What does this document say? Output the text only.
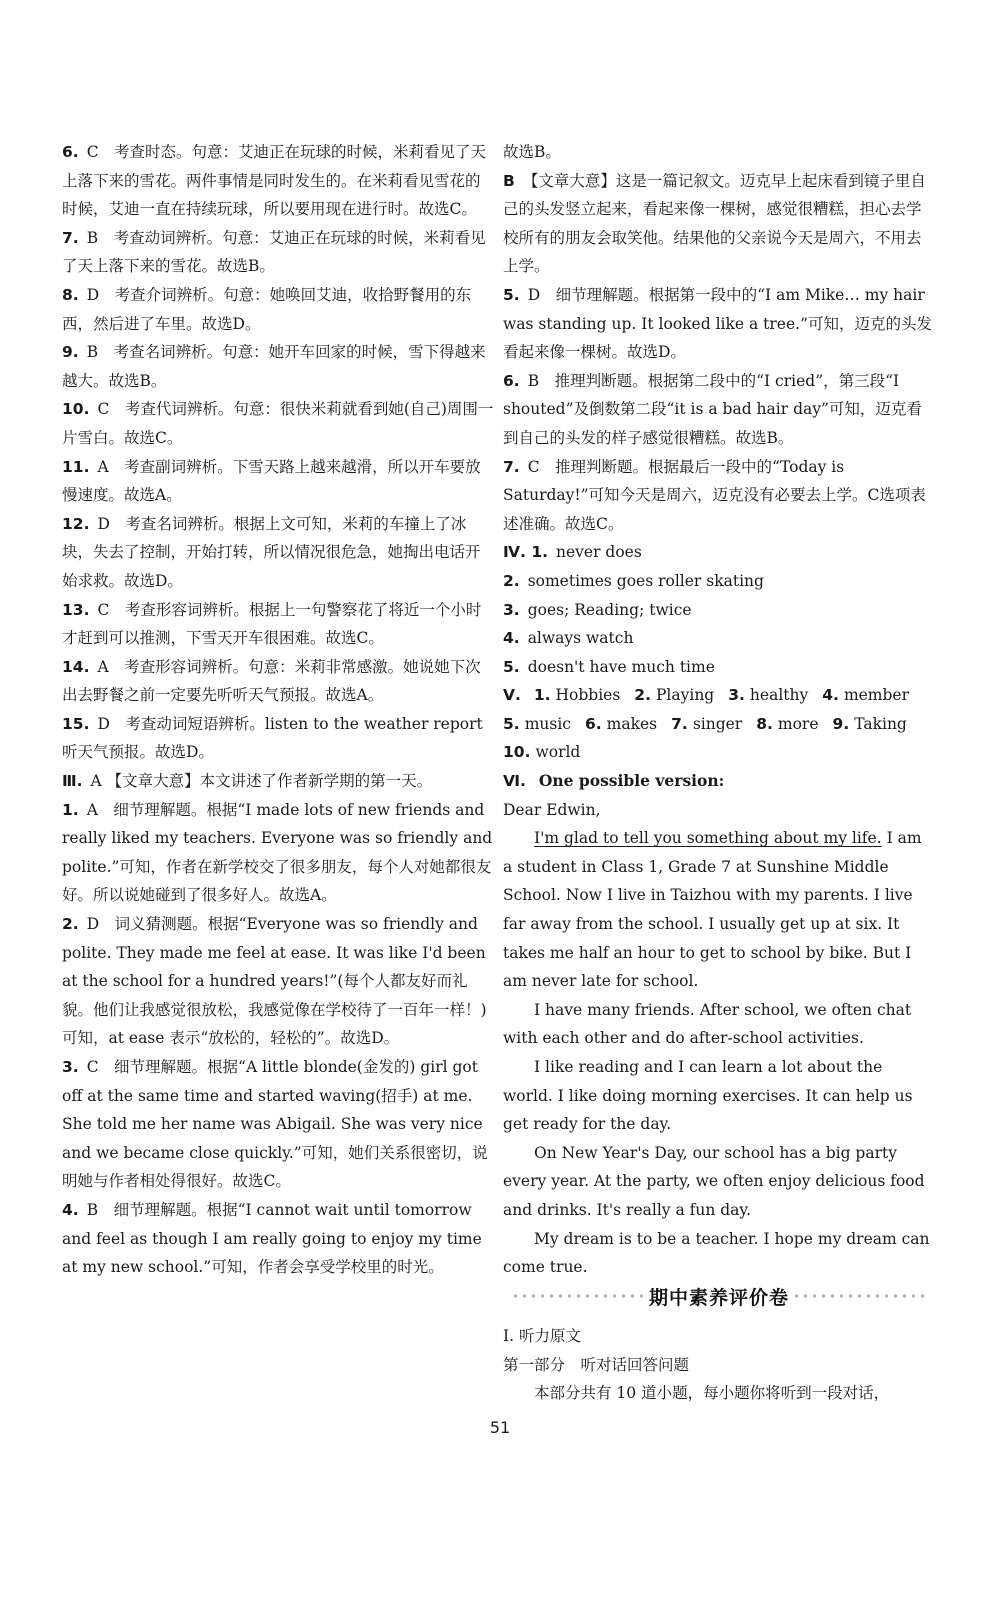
6. C　考查时态。句意：艾迪正在玩球的时候，米莉看见了天上落下来的雪花。两件事情是同时发生的。在米莉看见雪花的时候，艾迪一直在持续玩球，所以要用现在进行时。故选C。

7. B　考查动词辨析。句意：艾迪正在玩球的时候，米莉看见了天上落下来的雪花。故选B。

8. D　考查介词辨析。句意：她唤回艾迪，收拾野餐用的东西，然后进了车里。故选D。

9. B　考查名词辨析。句意：她开车回家的时候，雪下得越来越大。故选B。

10. C　考查代词辨析。句意：很快米莉就看到她(自己)周围一片雪白。故选C。

11. A　考查副词辨析。下雪天路上越来越滑，所以开车要放慢速度。故选A。

12. D　考查名词辨析。根据上文可知，米莉的车撞上了冰块，失去了控制，开始打转，所以情况很危急，她掏出电话开始求救。故选D。

13. C　考查形容词辨析。根据上一句警察花了将近一个小时才赶到可以推测，下雪天开车很困难。故选C。

14. A　考查形容词辨析。句意：米莉非常感激。她说她下次出去野餐之前一定要先听听天气预报。故选A。

15. D　考查动词短语辨析。listen to the weather report 听天气预报。故选D。

Ⅲ. A 【文章大意】本文讲述了作者新学期的第一天。

1. A　细节理解题。根据“I made lots of new friends and really liked my teachers. Everyone was so friendly and polite.”可知，作者在新学校交了很多朋友，每个人对她都很友好。所以说她碰到了很多好人。故选A。

2. D　词义猜测题。根据“Everyone was so friendly and polite. They made me feel at ease. It was like I'd been at the school for a hundred years!”(每个人都友好而礼貌。他们让我感觉很放松，我感觉像在学校待了一百年一样！)可知，at ease 表示“放松的，轻松的”。故选D。

3. C　细节理解题。根据“A little blonde(金发的) girl got off at the same time and started waving(招手) at me. She told me her name was Abigail. She was very nice and we became close quickly.”可知，她们关系很密切，说明她与作者相处得很好。故选C。

4. B　细节理解题。根据“I cannot wait until tomorrow and feel as though I am really going to enjoy my time at my new school.”可知，作者会享受学校里的时光。

故选B。

B 【文章大意】这是一篇记叙文。迈克早上起床看到镜子里自己的头发竖立起来，看起来像一棵树，感觉很糟糕，担心去学校所有的朋友会取笑他。结果他的父亲说今天是周六，不用去上学。

5. D　细节理解题。根据第一段中的“I am Mike… my hair was standing up. It looked like a tree.”可知，迈克的头发看起来像一棵树。故选D。

6. B　推理判断题。根据第二段中的“I cried”，第三段“I shouted”及倒数第二段“it is a bad hair day”可知，迈克看到自己的头发的样子感觉很糟糕。故选B。

7. C　推理判断题。根据最后一段中的“Today is Saturday!”可知今天是周六，迈克没有必要去上学。C选项表述准确。故选C。

Ⅳ. 1. never does

2. sometimes goes roller skating

3. goes; Reading; twice

4. always watch

5. doesn't have much time

Ⅴ. 1. Hobbies 2. Playing 3. healthy 4. member

5. music 6. makes 7. singer 8. more 9. Taking

10. world

Ⅵ. One possible version:

Dear Edwin,

I'm glad to tell you something about my life. I am a student in Class 1, Grade 7 at Sunshine Middle School. Now I live in Taizhou with my parents. I live far away from the school. I usually get up at six. It takes me half an hour to get to school by bike. But I am never late for school.

I have many friends. After school, we often chat with each other and do after-school activities.

I like reading and I can learn a lot about the world. I like doing morning exercises. It can help us get ready for the day.

On New Year's Day, our school has a big party every year. At the party, we often enjoy delicious food and drinks. It's really a fun day.

My dream is to be a teacher. I hope my dream can come true.

期中素养评价卷

Ⅰ. 听力原文

第一部分　听对话回答问题

本部分共有 10 道小题，每小题你将听到一段对话，

51
